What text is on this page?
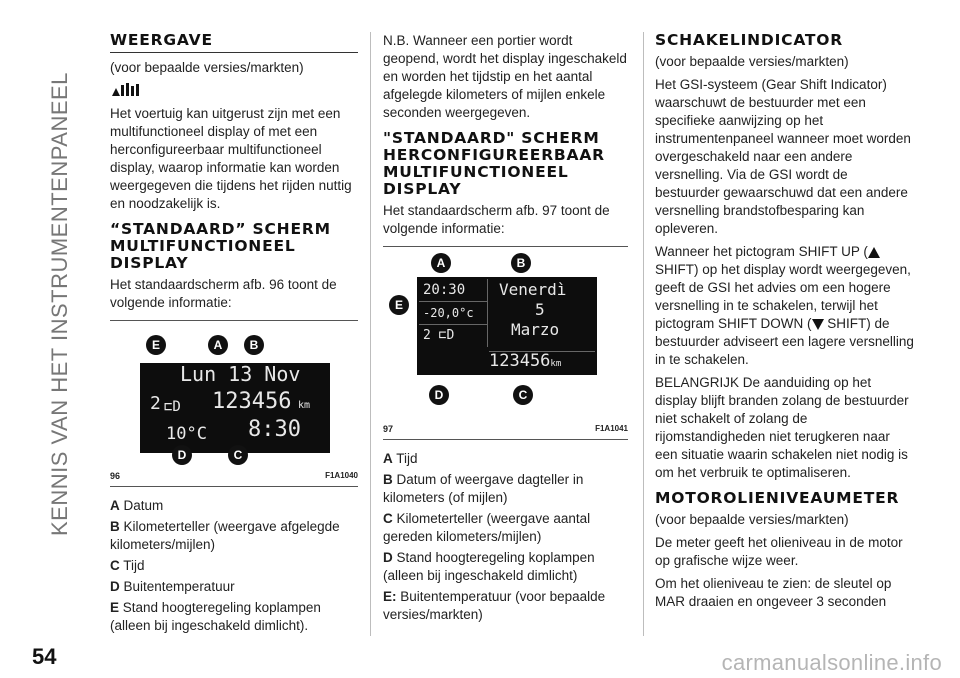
KENNIS VAN HET INSTRUMENTENPANEEL
WEERGAVE

(voor bepaalde versies/markten)

Het voertuig kan uitgerust zijn met een multifunctioneel display of met een herconfigureerbaar multifunctioneel display, waarop informatie kan worden weergegeven die tijdens het rijden nuttig en noodzakelijk is.

“STANDAARD” SCHERM MULTIFUNCTIONEEL DISPLAY

Het standaardscherm afb. 96 toont de volgende informatie:

Lun 13 Nov
2 ⊏D 123456 km
10°C 8:30
E	A	B
D	C
96	F1A1040

A Datum

B Kilometerteller (weergave afgelegde kilometers/mijlen)

C Tijd

D Buitentemperatuur

E Stand hoogteregeling koplampen (alleen bij ingeschakeld dimlicht).

N.B. Wanneer een portier wordt geopend, wordt het display ingeschakeld en worden het tijdstip en het aantal afgelegde kilometers of mijlen enkele seconden weergegeven.

"STANDAARD" SCHERM HERCONFIGUREERBAAR MULTIFUNCTIONEEL DISPLAY

Het standaardscherm afb. 97 toont de volgende informatie:

20:30
-20,0°c
2 ⊏D
Venerdì
5
Marzo
123456km
A	B
E
D	C
97	F1A1041

A Tijd

B Datum of weergave dagteller in kilometers (of mijlen)

C Kilometerteller (weergave aantal gereden kilometers/mijlen)

D Stand hoogteregeling koplampen (alleen bij ingeschakeld dimlicht)

E: Buitentemperatuur (voor bepaalde versies/markten)

SCHAKELINDICATOR

(voor bepaalde versies/markten)

Het GSI-systeem (Gear Shift Indicator) waarschuwt de bestuurder met een specifieke aanwijzing op het instrumentenpaneel wanneer moet worden overgeschakeld naar een andere versnelling. Via de GSI wordt de bestuurder gewaarschuwd dat een andere versnelling brandstofbesparing kan opleveren.

Wanneer het pictogram SHIFT UP ( SHIFT) op het display wordt weergegeven, geeft de GSI het advies om een hogere versnelling in te schakelen, terwijl het pictogram SHIFT DOWN ( SHIFT) de bestuurder adviseert een lagere versnelling in te schakelen.

BELANGRIJK De aanduiding op het display blijft branden zolang de bestuurder niet schakelt of zolang de rijomstandigheden niet terugkeren naar een situatie waarin schakelen niet nodig is om het verbruik te optimaliseren.

MOTOROLIENIVEAUMETER

(voor bepaalde versies/markten)

De meter geeft het olieniveau in de motor op grafische wijze weer.

Om het olieniveau te zien: de sleutel op MAR draaien en ongeveer 3 seconden

54	carmanualsonline.info
